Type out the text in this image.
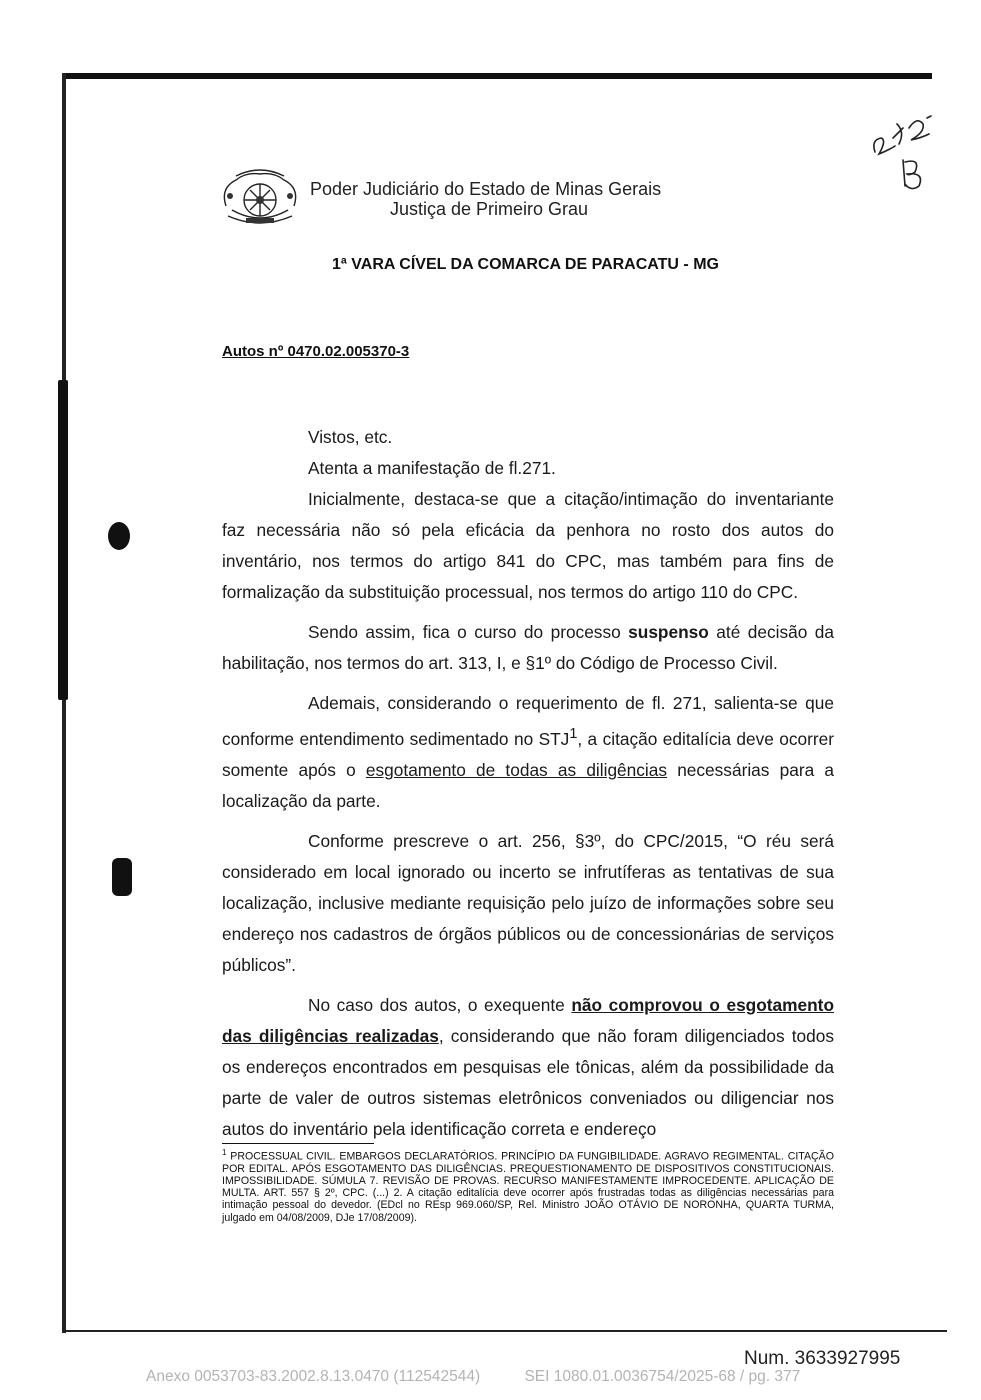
Poder Judiciário do Estado de Minas Gerais
Justiça de Primeiro Grau
1ª VARA CÍVEL DA COMARCA DE PARACATU - MG
Autos nº 0470.02.005370-3

Vistos, etc.

Atenta a manifestação de fl.271.

Inicialmente, destaca-se que a citação/intimação do inventariante faz necessária não só pela eficácia da penhora no rosto dos autos do inventário, nos termos do artigo 841 do CPC, mas também para fins de formalização da substituição processual, nos termos do artigo 110 do CPC.

Sendo assim, fica o curso do processo suspenso até decisão da habilitação, nos termos do art. 313, I, e §1º do Código de Processo Civil.

Ademais, considerando o requerimento de fl. 271, salienta-se que conforme entendimento sedimentado no STJ$^1$, a citação editalícia deve ocorrer somente após o esgotamento de todas as diligências necessárias para a localização da parte.

Conforme prescreve o art. 256, §3º, do CPC/2015, “O réu será considerado em local ignorado ou incerto se infrutíferas as tentativas de sua localização, inclusive mediante requisição pelo juízo de informações sobre seu endereço nos cadastros de órgãos públicos ou de concessionárias de serviços públicos”.

No caso dos autos, o exequente não comprovou o esgotamento das diligências realizadas, considerando que não foram diligenciados todos os endereços encontrados em pesquisas ele tônicas, além da possibilidade da parte de valer de outros sistemas eletrônicos conveniados ou diligenciar nos autos do inventário pela identificação correta e endereço

$^1$ PROCESSUAL CIVIL. EMBARGOS DECLARATÓRIOS. PRINCÍPIO DA FUNGIBILIDADE. AGRAVO REGIMENTAL. CITAÇÃO POR EDITAL. APÓS ESGOTAMENTO DAS DILIGÊNCIAS. PREQUESTIONAMENTO DE DISPOSITIVOS CONSTITUCIONAIS. IMPOSSIBILIDADE. SÚMULA 7. REVISÃO DE PROVAS. RECURSO MANIFESTAMENTE IMPROCEDENTE. APLICAÇÃO DE MULTA. ART. 557 § 2º, CPC. (...) 2. A citação editalícia deve ocorrer após frustradas todas as diligências necessárias para intimação pessoal do devedor. (EDcl no REsp 969.060/SP, Rel. Ministro JOÃO OTÁVIO DE NORONHA, QUARTA TURMA, julgado em 04/08/2009, DJe 17/08/2009).
Num. 3633927995
Anexo 0053703-83.2002.8.13.0470 (112542544)	SEI 1080.01.0036754/2025-68 / pg. 377
